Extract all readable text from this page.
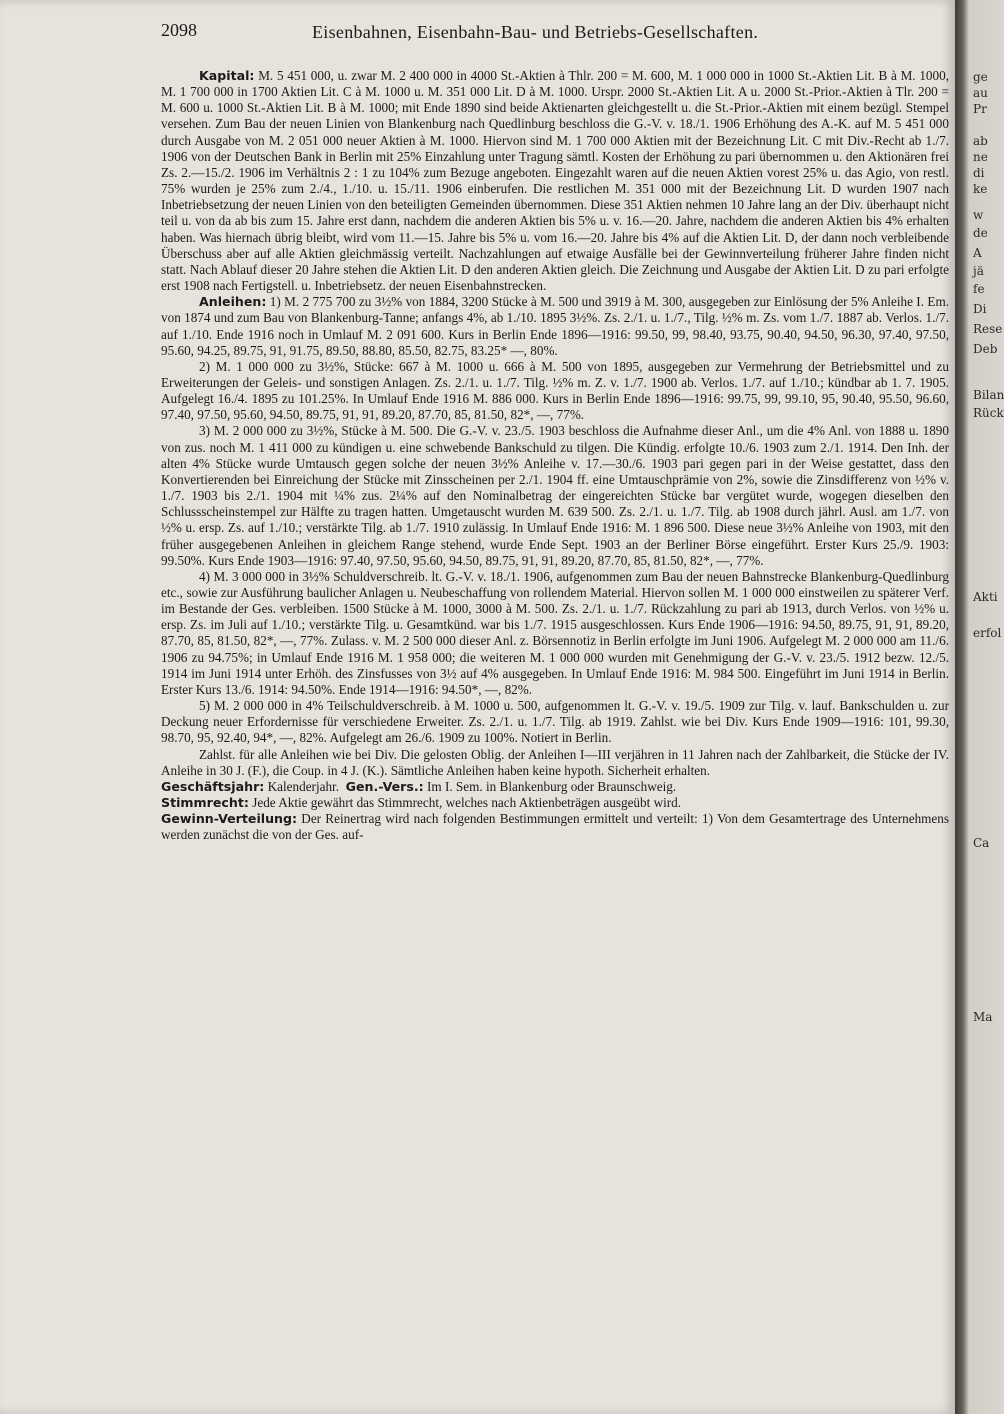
2098	Eisenbahnen, Eisenbahn-Bau- und Betriebs-Gesellschaften.

Kapital: M. 5 451 000, u. zwar M. 2 400 000 in 4000 St.-Aktien à Thlr. 200 = M. 600, M. 1 000 000 in 1000 St.-Aktien Lit. B à M. 1000, M. 1 700 000 in 1700 Aktien Lit. C à M. 1000 u. M. 351 000 Lit. D à M. 1000. Urspr. 2000 St.-Aktien Lit. A u. 2000 St.-Prior.-Aktien à Tlr. 200 = M. 600 u. 1000 St.-Aktien Lit. B à M. 1000; mit Ende 1890 sind beide Aktienarten gleichgestellt u. die St.-Prior.-Aktien mit einem bezügl. Stempel versehen. Zum Bau der neuen Linien von Blankenburg nach Quedlinburg beschloss die G.-V. v. 18./1. 1906 Erhöhung des A.-K. auf M. 5 451 000 durch Ausgabe von M. 2 051 000 neuer Aktien à M. 1000. Hiervon sind M. 1 700 000 Aktien mit der Bezeichnung Lit. C mit Div.-Recht ab 1./7. 1906 von der Deutschen Bank in Berlin mit 25% Einzahlung unter Tragung sämtl. Kosten der Erhöhung zu pari übernommen u. den Aktionären frei Zs. 2.—15./2. 1906 im Verhältnis 2 : 1 zu 104% zum Bezuge angeboten. Eingezahlt waren auf die neuen Aktien vorest 25% u. das Agio, von restl. 75% wurden je 25% zum 2./4., 1./10. u. 15./11. 1906 einberufen. Die restlichen M. 351 000 mit der Bezeichnung Lit. D wurden 1907 nach Inbetriebsetzung der neuen Linien von den beteiligten Gemeinden übernommen. Diese 351 Aktien nehmen 10 Jahre lang an der Div. überhaupt nicht teil u. von da ab bis zum 15. Jahre erst dann, nachdem die anderen Aktien bis 5% u. v. 16.—20. Jahre, nachdem die anderen Aktien bis 4% erhalten haben. Was hiernach übrig bleibt, wird vom 11.—15. Jahre bis 5% u. vom 16.—20. Jahre bis 4% auf die Aktien Lit. D, der dann noch verbleibende Überschuss aber auf alle Aktien gleichmässig verteilt. Nachzahlungen auf etwaige Ausfälle bei der Gewinnverteilung früherer Jahre finden nicht statt. Nach Ablauf dieser 20 Jahre stehen die Aktien Lit. D den anderen Aktien gleich. Die Zeichnung und Ausgabe der Aktien Lit. D zu pari erfolgte erst 1908 nach Fertigstell. u. Inbetriebsetz. der neuen Eisenbahnstrecken.

Anleihen: 1) M. 2 775 700 zu 3½% von 1884, 3200 Stücke à M. 500 und 3919 à M. 300, ausgegeben zur Einlösung der 5% Anleihe I. Em. von 1874 und zum Bau von Blankenburg-Tanne; anfangs 4%, ab 1./10. 1895 3½%. Zs. 2./1. u. 1./7., Tilg. ½% m. Zs. vom 1./7. 1887 ab. Verlos. 1./7. auf 1./10. Ende 1916 noch in Umlauf M. 2 091 600. Kurs in Berlin Ende 1896—1916: 99.50, 99, 98.40, 93.75, 90.40, 94.50, 96.30, 97.40, 97.50, 95.60, 94.25, 89.75, 91, 91.75, 89.50, 88.80, 85.50, 82.75, 83.25* —, 80%.

2) M. 1 000 000 zu 3½%, Stücke: 667 à M. 1000 u. 666 à M. 500 von 1895, ausgegeben zur Vermehrung der Betriebsmittel und zu Erweiterungen der Geleis- und sonstigen Anlagen. Zs. 2./1. u. 1./7. Tilg. ½% m. Z. v. 1./7. 1900 ab. Verlos. 1./7. auf 1./10.; kündbar ab 1. 7. 1905. Aufgelegt 16./4. 1895 zu 101.25%. In Umlauf Ende 1916 M. 886 000. Kurs in Berlin Ende 1896—1916: 99.75, 99, 99.10, 95, 90.40, 95.50, 96.60, 97.40, 97.50, 95.60, 94.50, 89.75, 91, 91, 89.20, 87.70, 85, 81.50, 82*, —, 77%.

3) M. 2 000 000 zu 3½%, Stücke à M. 500. Die G.-V. v. 23./5. 1903 beschloss die Aufnahme dieser Anl., um die 4% Anl. von 1888 u. 1890 von zus. noch M. 1 411 000 zu kündigen u. eine schwebende Bankschuld zu tilgen. Die Kündig. erfolgte 10./6. 1903 zum 2./1. 1914. Den Inh. der alten 4% Stücke wurde Umtausch gegen solche der neuen 3½% Anleihe v. 17.—30./6. 1903 pari gegen pari in der Weise gestattet, dass den Konvertierenden bei Einreichung der Stücke mit Zinsscheinen per 2./1. 1904 ff. eine Umtauschprämie von 2%, sowie die Zinsdifferenz von ½% v. 1./7. 1903 bis 2./1. 1904 mit ¼% zus. 2¼% auf den Nominalbetrag der eingereichten Stücke bar vergütet wurde, wogegen dieselben den Schlussscheinstempel zur Hälfte zu tragen hatten. Umgetauscht wurden M. 639 500. Zs. 2./1. u. 1./7. Tilg. ab 1908 durch jährl. Ausl. am 1./7. von ½% u. ersp. Zs. auf 1./10.; verstärkte Tilg. ab 1./7. 1910 zulässig. In Umlauf Ende 1916: M. 1 896 500. Diese neue 3½% Anleihe von 1903, mit den früher ausgegebenen Anleihen in gleichem Range stehend, wurde Ende Sept. 1903 an der Berliner Börse eingeführt. Erster Kurs 25./9. 1903: 99.50%. Kurs Ende 1903—1916: 97.40, 97.50, 95.60, 94.50, 89.75, 91, 91, 89.20, 87.70, 85, 81.50, 82*, —, 77%.

4) M. 3 000 000 in 3½% Schuldverschreib. lt. G.-V. v. 18./1. 1906, aufgenommen zum Bau der neuen Bahnstrecke Blankenburg-Quedlinburg etc., sowie zur Ausführung baulicher Anlagen u. Neubeschaffung von rollendem Material. Hiervon sollen M. 1 000 000 einstweilen zu späterer Verf. im Bestande der Ges. verbleiben. 1500 Stücke à M. 1000, 3000 à M. 500. Zs. 2./1. u. 1./7. Rückzahlung zu pari ab 1913, durch Verlos. von ½% u. ersp. Zs. im Juli auf 1./10.; verstärkte Tilg. u. Gesamtkünd. war bis 1./7. 1915 ausgeschlossen. Kurs Ende 1906—1916: 94.50, 89.75, 91, 91, 89.20, 87.70, 85, 81.50, 82*, —, 77%. Zulass. v. M. 2 500 000 dieser Anl. z. Börsennotiz in Berlin erfolgte im Juni 1906. Aufgelegt M. 2 000 000 am 11./6. 1906 zu 94.75%; in Umlauf Ende 1916 M. 1 958 000; die weiteren M. 1 000 000 wurden mit Genehmigung der G.-V. v. 23./5. 1912 bezw. 12./5. 1914 im Juni 1914 unter Erhöh. des Zinsfusses von 3½ auf 4% ausgegeben. In Umlauf Ende 1916: M. 984 500. Eingeführt im Juni 1914 in Berlin. Erster Kurs 13./6. 1914: 94.50%. Ende 1914—1916: 94.50*, —, 82%.

5) M. 2 000 000 in 4% Teilschuldverschreib. à M. 1000 u. 500, aufgenommen lt. G.-V. v. 19./5. 1909 zur Tilg. v. lauf. Bankschulden u. zur Deckung neuer Erfordernisse für verschiedene Erweiter. Zs. 2./1. u. 1./7. Tilg. ab 1919. Zahlst. wie bei Div. Kurs Ende 1909—1916: 101, 99.30, 98.70, 95, 92.40, 94*, —, 82%. Aufgelegt am 26./6. 1909 zu 100%. Notiert in Berlin.

Zahlst. für alle Anleihen wie bei Div. Die gelosten Oblig. der Anleihen I—III verjähren in 11 Jahren nach der Zahlbarkeit, die Stücke der IV. Anleihe in 30 J. (F.), die Coup. in 4 J. (K.). Sämtliche Anleihen haben keine hypoth. Sicherheit erhalten.

Geschäftsjahr: Kalenderjahr. Gen.-Vers.: Im I. Sem. in Blankenburg oder Braunschweig.

Stimmrecht: Jede Aktie gewährt das Stimmrecht, welches nach Aktienbeträgen ausgeübt wird.

Gewinn-Verteilung: Der Reinertrag wird nach folgenden Bestimmungen ermittelt und verteilt: 1) Von dem Gesamtertrage des Unternehmens werden zunächst die von der Ges. auf-

ge
au
Pr
ab
ne
di
ke
w
de
A
jä
fe
Di
Rese
Deb
Bilan
Rück
Akti
erfol
Ca
Ma
